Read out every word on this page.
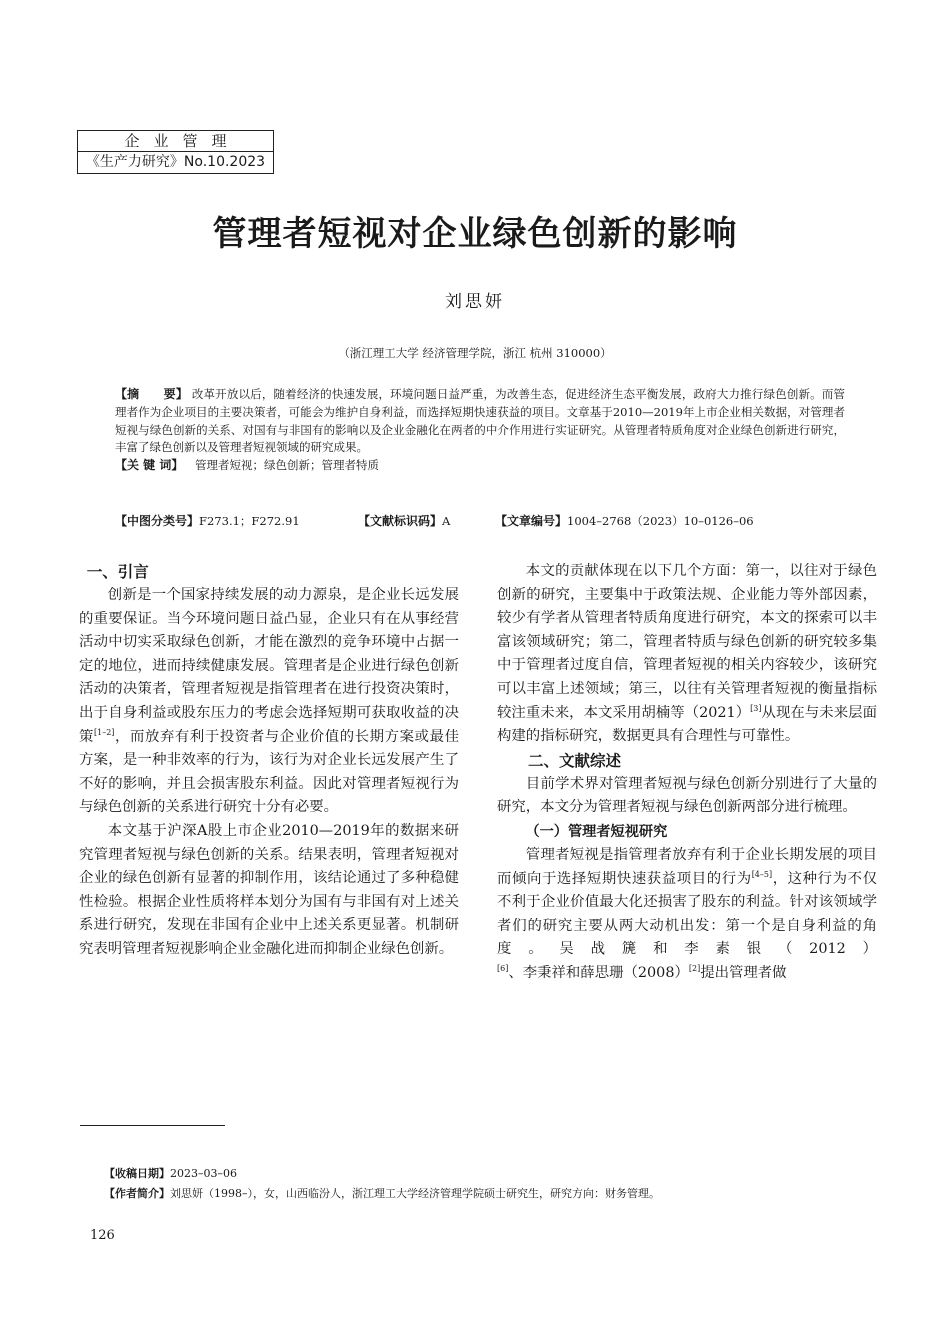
企业管理
《生产力研究》No.10.2023
管理者短视对企业绿色创新的影响
刘思妍
（浙江理工大学 经济管理学院，浙江 杭州 310000）
【摘　　要】 改革开放以后，随着经济的快速发展，环境问题日益严重，为改善生态，促进经济生态平衡发展，政府大力推行绿色创新。而管理者作为企业项目的主要决策者，可能会为维护自身利益，而选择短期快速获益的项目。文章基于2010—2019年上市企业相关数据，对管理者短视与绿色创新的关系、对国有与非国有的影响以及企业金融化在两者的中介作用进行实证研究。从管理者特质角度对企业绿色创新进行研究，丰富了绿色创新以及管理者短视领域的研究成果。
【关 键 词】 管理者短视；绿色创新；管理者特质
【中图分类号】F273.1；F272.91	【文献标识码】A	【文章编号】1004–2768（2023）10–0126–06
一、引言

创新是一个国家持续发展的动力源泉，是企业长远发展的重要保证。当今环境问题日益凸显，企业只有在从事经营活动中切实采取绿色创新，才能在激烈的竞争环境中占据一定的地位，进而持续健康发展。管理者是企业进行绿色创新活动的决策者，管理者短视是指管理者在进行投资决策时，出于自身利益或股东压力的考虑会选择短期可获取收益的决策[1–2]，而放弃有利于投资者与企业价值的长期方案或最佳方案，是一种非效率的行为，该行为对企业长远发展产生了不好的影响，并且会损害股东利益。因此对管理者短视行为与绿色创新的关系进行研究十分有必要。

本文基于沪深A股上市企业2010—2019年的数据来研究管理者短视与绿色创新的关系。结果表明，管理者短视对企业的绿色创新有显著的抑制作用，该结论通过了多种稳健性检验。根据企业性质将样本划分为国有与非国有对上述关系进行研究，发现在非国有企业中上述关系更显著。机制研究表明管理者短视影响企业金融化进而抑制企业绿色创新。

本文的贡献体现在以下几个方面：第一，以往对于绿色创新的研究，主要集中于政策法规、企业能力等外部因素，较少有学者从管理者特质角度进行研究，本文的探索可以丰富该领域研究；第二，管理者特质与绿色创新的研究较多集中于管理者过度自信，管理者短视的相关内容较少，该研究可以丰富上述领域；第三，以往有关管理者短视的衡量指标较注重未来，本文采用胡楠等（2021）[3]从现在与未来层面构建的指标研究，数据更具有合理性与可靠性。

二、文献综述

目前学术界对管理者短视与绿色创新分别进行了大量的研究，本文分为管理者短视与绿色创新两部分进行梳理。

（一）管理者短视研究

管理者短视是指管理者放弃有利于企业长期发展的项目而倾向于选择短期快速获益项目的行为[4–5]，这种行为不仅不利于企业价值最大化还损害了股东的利益。针对该领域学者们的研究主要从两大动机出发：第一个是自身利益的角度。吴战篪和李素银（2012）[6]、李秉祥和薛思珊（2008）[2]提出管理者做

【收稿日期】2023–03–06
【作者简介】刘思妍（1998–），女，山西临汾人，浙江理工大学经济管理学院硕士研究生，研究方向：财务管理。
126
